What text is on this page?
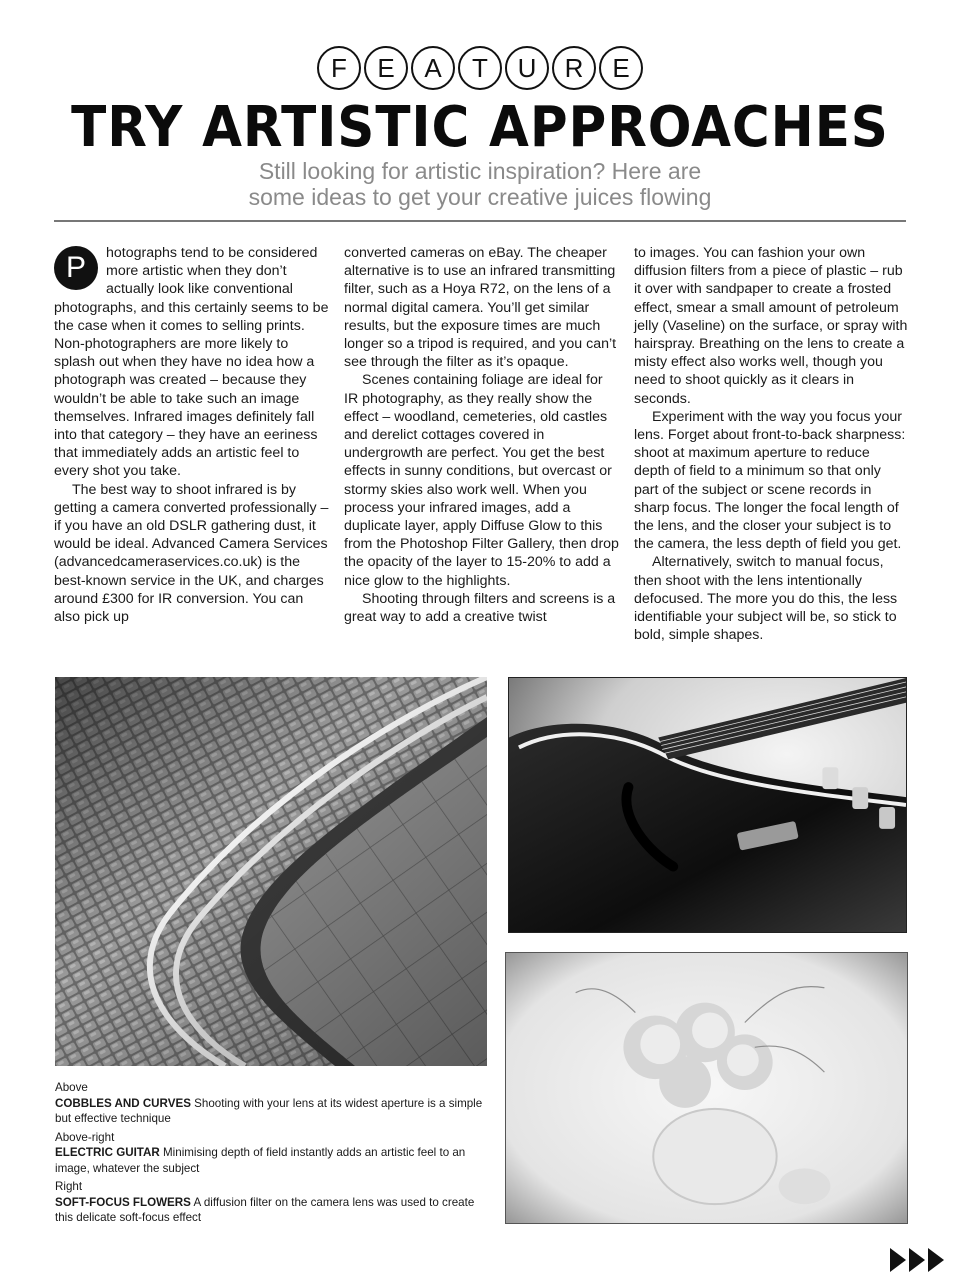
F	E	A	T	U	R	E
TRY ARTISTIC APPROACHES
Still looking for artistic inspiration? Here are
some ideas to get your creative juices flowing
P	hotographs tend to be considered more artistic when they don’t actually look like conventional photographs, and this certainly seems to be the case when it comes to selling prints. Non-photographers are more likely to splash out when they have no idea how a photograph was created – because they wouldn’t be able to take such an image themselves. Infrared images definitely fall into that category – they have an eeriness that immediately adds an artistic feel to every shot you take.

The best way to shoot infrared is by getting a camera converted professionally – if you have an old DSLR gathering dust, it would be ideal. Advanced Camera Services (advancedcameraservices.co.uk) is the best-known service in the UK, and charges around £300 for IR conversion. You can also pick up

converted cameras on eBay. The cheaper alternative is to use an infrared transmitting filter, such as a Hoya R72, on the lens of a normal digital camera. You’ll get similar results, but the exposure times are much longer so a tripod is required, and you can’t see through the filter as it’s opaque.

Scenes containing foliage are ideal for IR photography, as they really show the effect – woodland, cemeteries, old castles and derelict cottages covered in undergrowth are perfect. You get the best effects in sunny conditions, but overcast or stormy skies also work well. When you process your infrared images, add a duplicate layer, apply Diffuse Glow to this from the Photoshop Filter Gallery, then drop the opacity of the layer to 15-20% to add a nice glow to the highlights.

Shooting through filters and screens is a great way to add a creative twist

to images. You can fashion your own diffusion filters from a piece of plastic – rub it over with sandpaper to create a frosted effect, smear a small amount of petroleum jelly (Vaseline) on the surface, or spray with hairspray. Breathing on the lens to create a misty effect also works well, though you need to shoot quickly as it clears in seconds.

Experiment with the way you focus your lens. Forget about front-to-back sharpness: shoot at maximum aperture to reduce depth of field to a minimum so that only part of the subject or scene records in sharp focus. The longer the focal length of the lens, and the closer your subject is to the camera, the less depth of field you get.

Alternatively, switch to manual focus, then shoot with the lens intentionally defocused. The more you do this, the less identifiable your subject will be, so stick to bold, simple shapes.

Above
COBBLES AND CURVES Shooting with your lens at its widest aperture is a simple but effective technique
Above-right
ELECTRIC GUITAR Minimising depth of field instantly adds an artistic feel to an image, whatever the subject
Right
SOFT-FOCUS FLOWERS A diffusion filter on the camera lens was used to create this delicate soft-focus effect
